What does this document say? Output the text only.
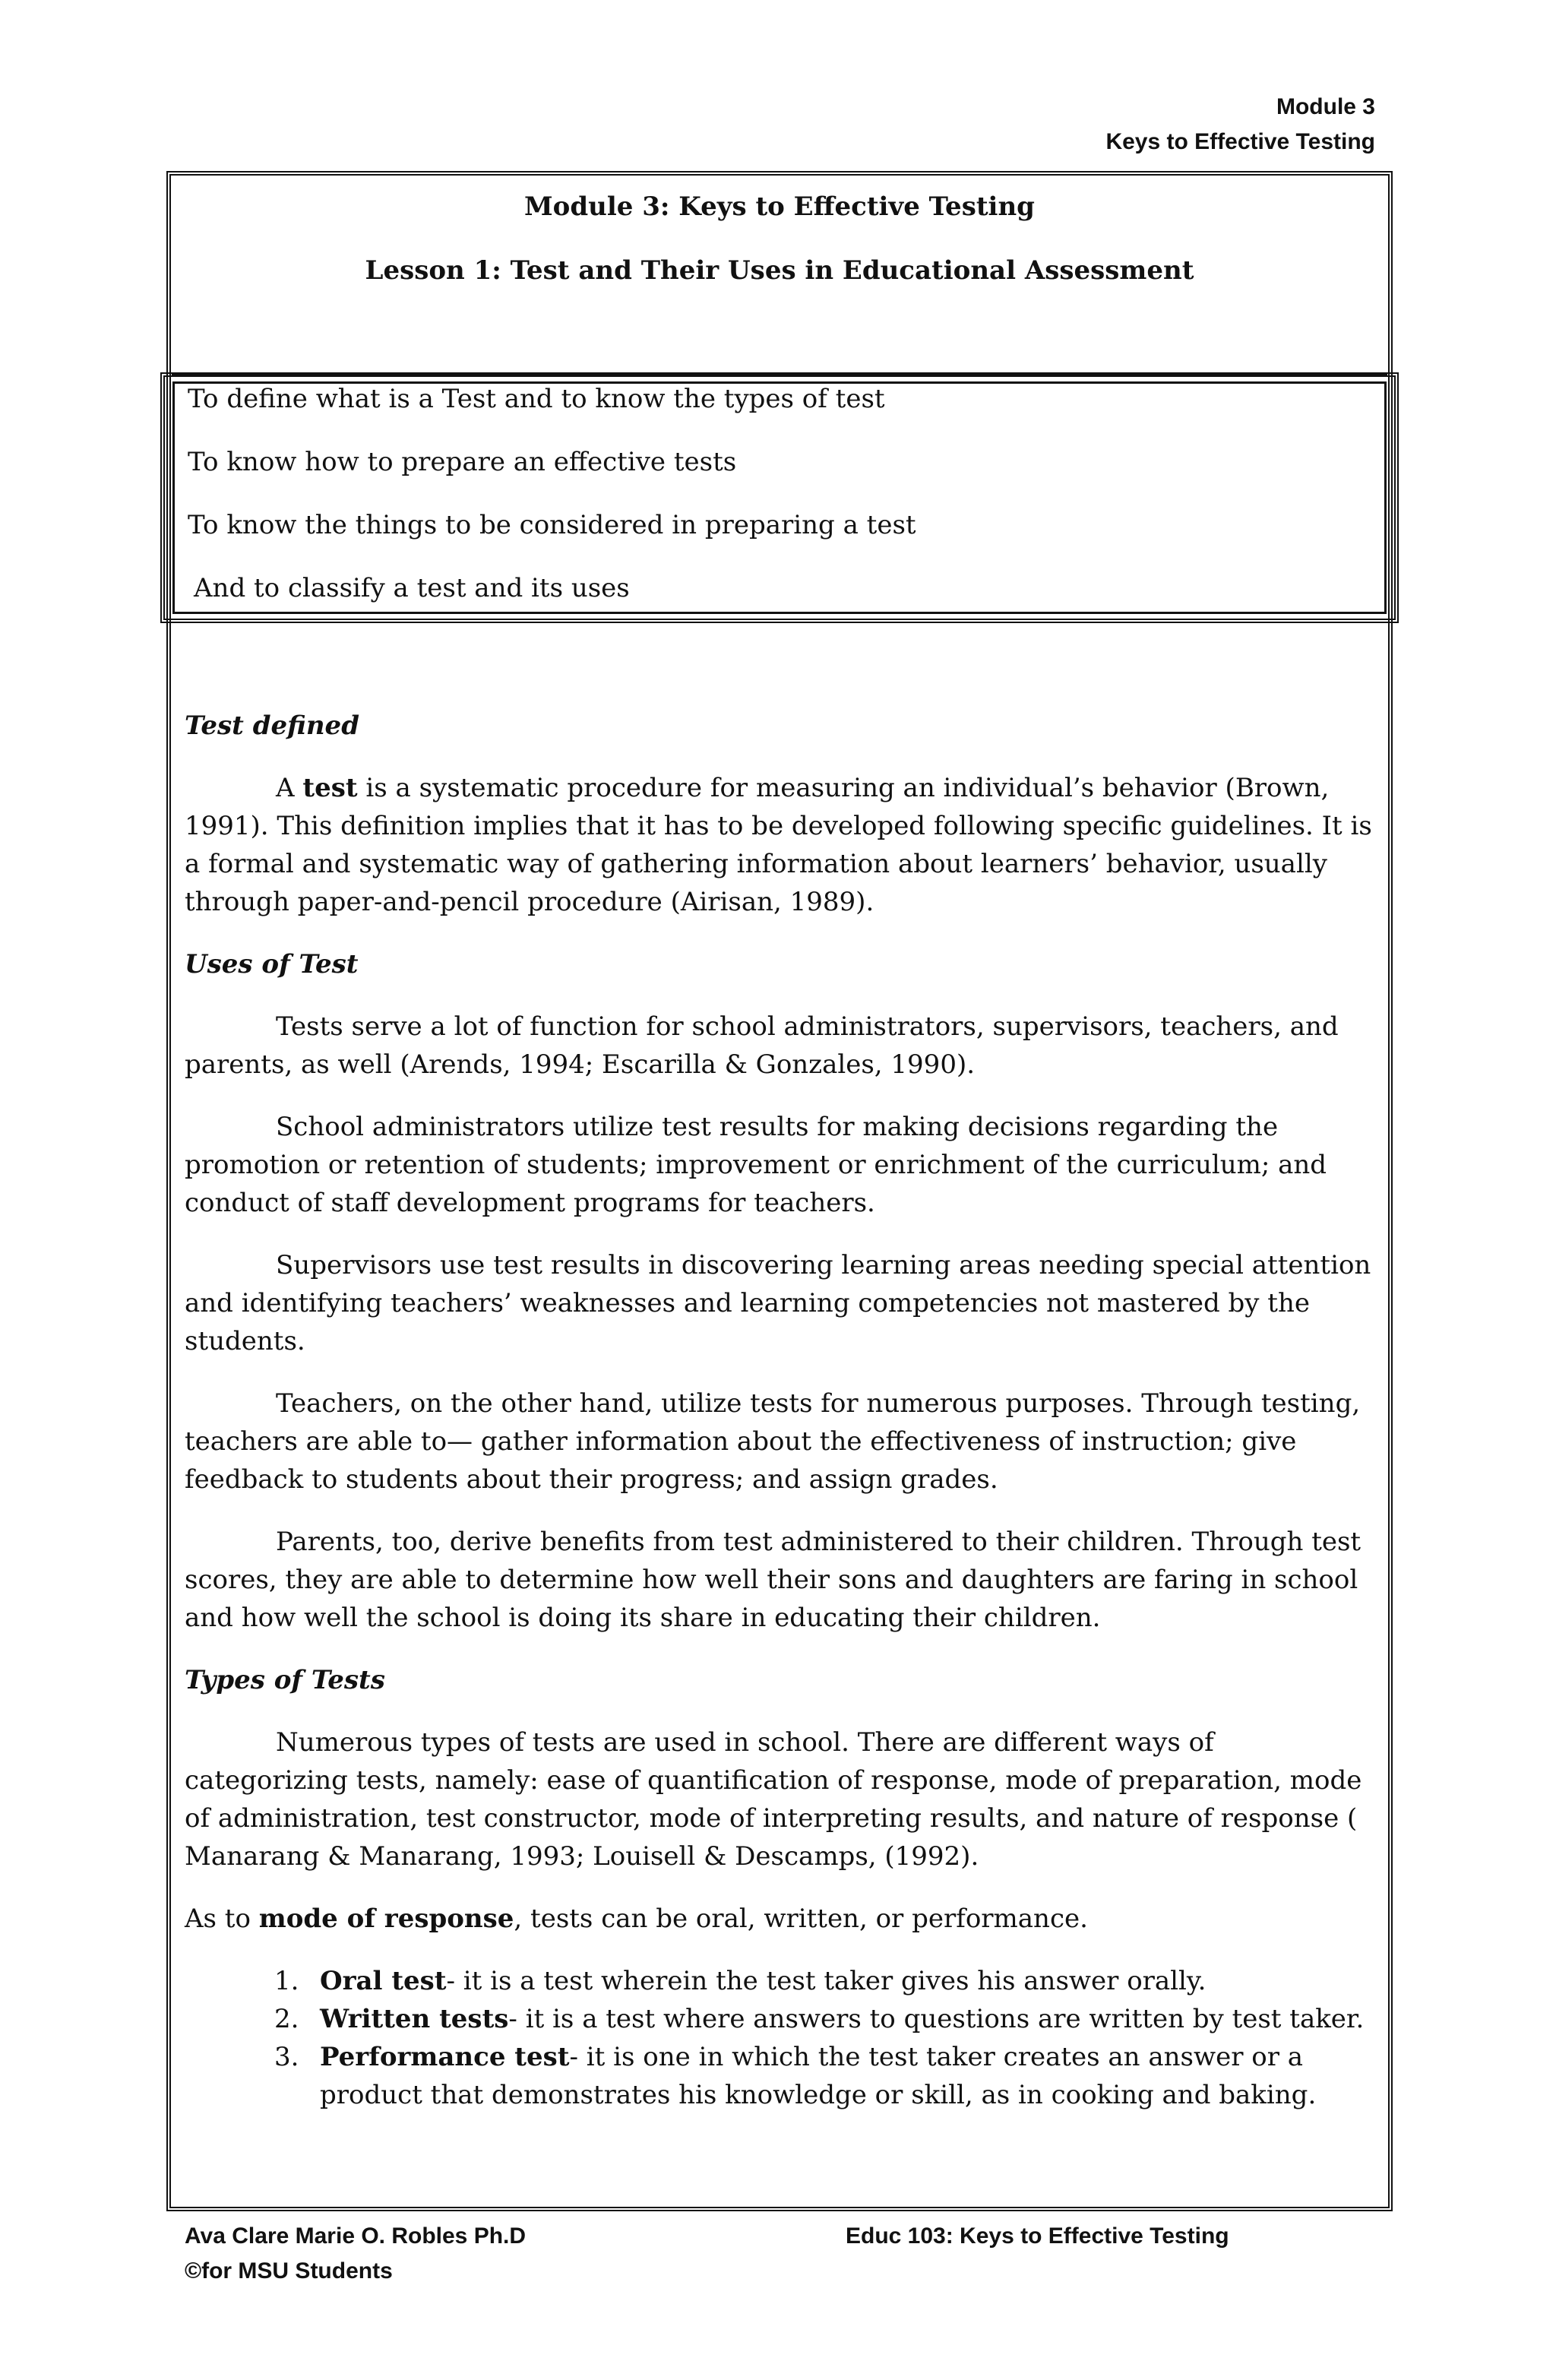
Module 3
Keys to Effective Testing
Module 3: Keys to Effective Testing
Lesson 1: Test and Their Uses in Educational Assessment
To define what is a Test and to know the types of test
To know how to prepare an effective tests
To know the things to be considered in preparing a test
And to classify a test and its uses
Test defined

A test is a systematic procedure for measuring an individual’s behavior (Brown, 1991). This definition implies that it has to be developed following specific guidelines. It is a formal and systematic way of gathering information about learners’ behavior, usually through paper-and-pencil procedure (Airisan, 1989).

Uses of Test

Tests serve a lot of function for school administrators, supervisors, teachers, and parents, as well (Arends, 1994; Escarilla & Gonzales, 1990).

School administrators utilize test results for making decisions regarding the promotion or retention of students; improvement or enrichment of the curriculum; and conduct of staff development programs for teachers.

Supervisors use test results in discovering learning areas needing special attention and identifying teachers’ weaknesses and learning competencies not mastered by the students.

Teachers, on the other hand, utilize tests for numerous purposes. Through testing, teachers are able to— gather information about the effectiveness of instruction; give feedback to students about their progress; and assign grades.

Parents, too, derive benefits from test administered to their children. Through test scores, they are able to determine how well their sons and daughters are faring in school and how well the school is doing its share in educating their children.

Types of Tests

Numerous types of tests are used in school. There are different ways of categorizing tests, namely: ease of quantification of response, mode of preparation, mode of administration, test constructor, mode of interpreting results, and nature of response ( Manarang & Manarang, 1993; Louisell & Descamps, (1992).

As to mode of response, tests can be oral, written, or performance.

1. Oral test- it is a test wherein the test taker gives his answer orally.
2. Written tests- it is a test where answers to questions are written by test taker.
3. Performance test- it is one in which the test taker creates an answer or a product that demonstrates his knowledge or skill, as in cooking and baking.
Ava Clare Marie O. Robles Ph.D
©for MSU Students
Educ 103: Keys to Effective Testing
